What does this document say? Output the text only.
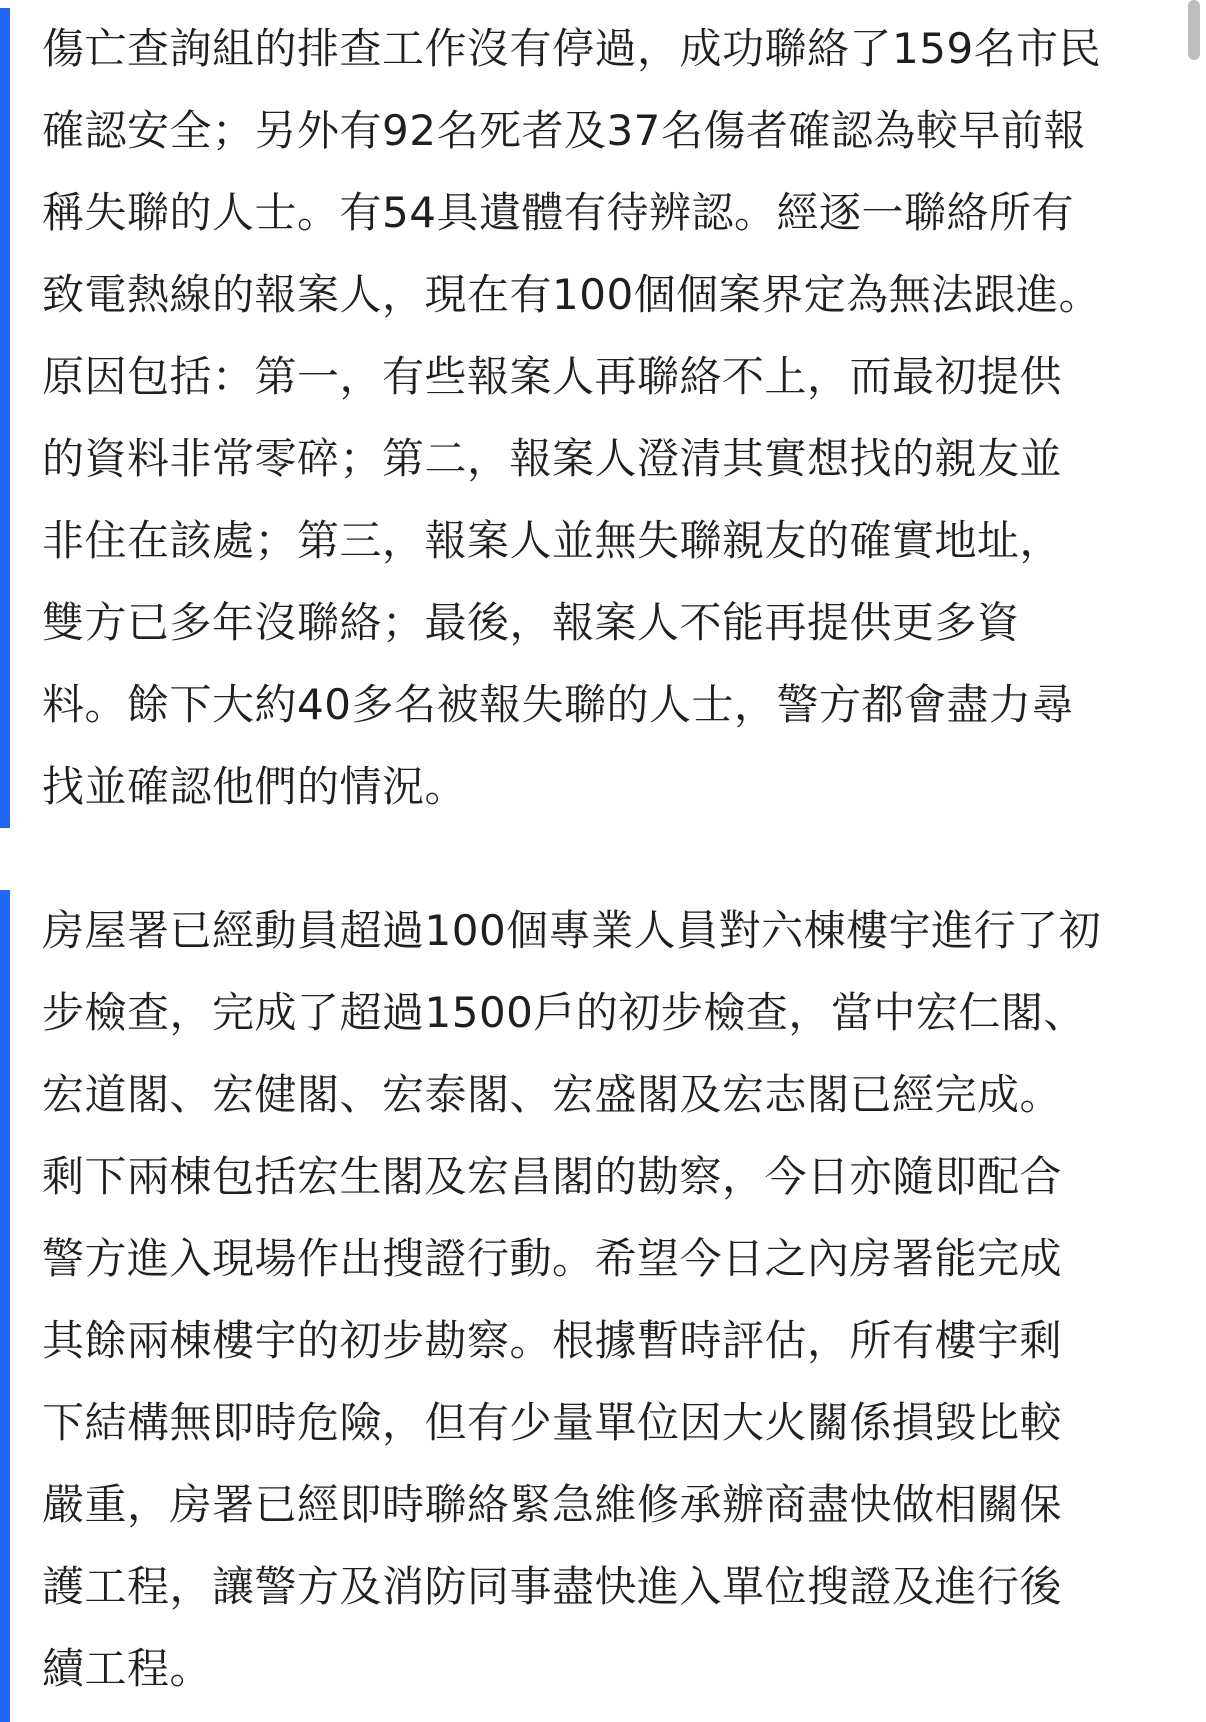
傷亡查詢組的排查工作沒有停過，成功聯絡了159名市民
確認安全；另外有92名死者及37名傷者確認為較早前報
稱失聯的人士。有54具遺體有待辨認。經逐一聯絡所有
致電熱線的報案人，現在有100個個案界定為無法跟進。
原因包括：第一，有些報案人再聯絡不上，而最初提供
的資料非常零碎；第二，報案人澄清其實想找的親友並
非住在該處；第三，報案人並無失聯親友的確實地址，
雙方已多年沒聯絡；最後，報案人不能再提供更多資
料。餘下大約40多名被報失聯的人士，警方都會盡力尋
找並確認他們的情況。
房屋署已經動員超過100個專業人員對六棟樓宇進行了初
步檢查，完成了超過1500戶的初步檢查，當中宏仁閣、
宏道閣、宏健閣、宏泰閣、宏盛閣及宏志閣已經完成。
剩下兩棟包括宏生閣及宏昌閣的勘察，今日亦隨即配合
警方進入現場作出搜證行動。希望今日之內房署能完成
其餘兩棟樓宇的初步勘察。根據暫時評估，所有樓宇剩
下結構無即時危險，但有少量單位因大火關係損毀比較
嚴重，房署已經即時聯絡緊急維修承辦商盡快做相關保
護工程，讓警方及消防同事盡快進入單位搜證及進行後
續工程。
